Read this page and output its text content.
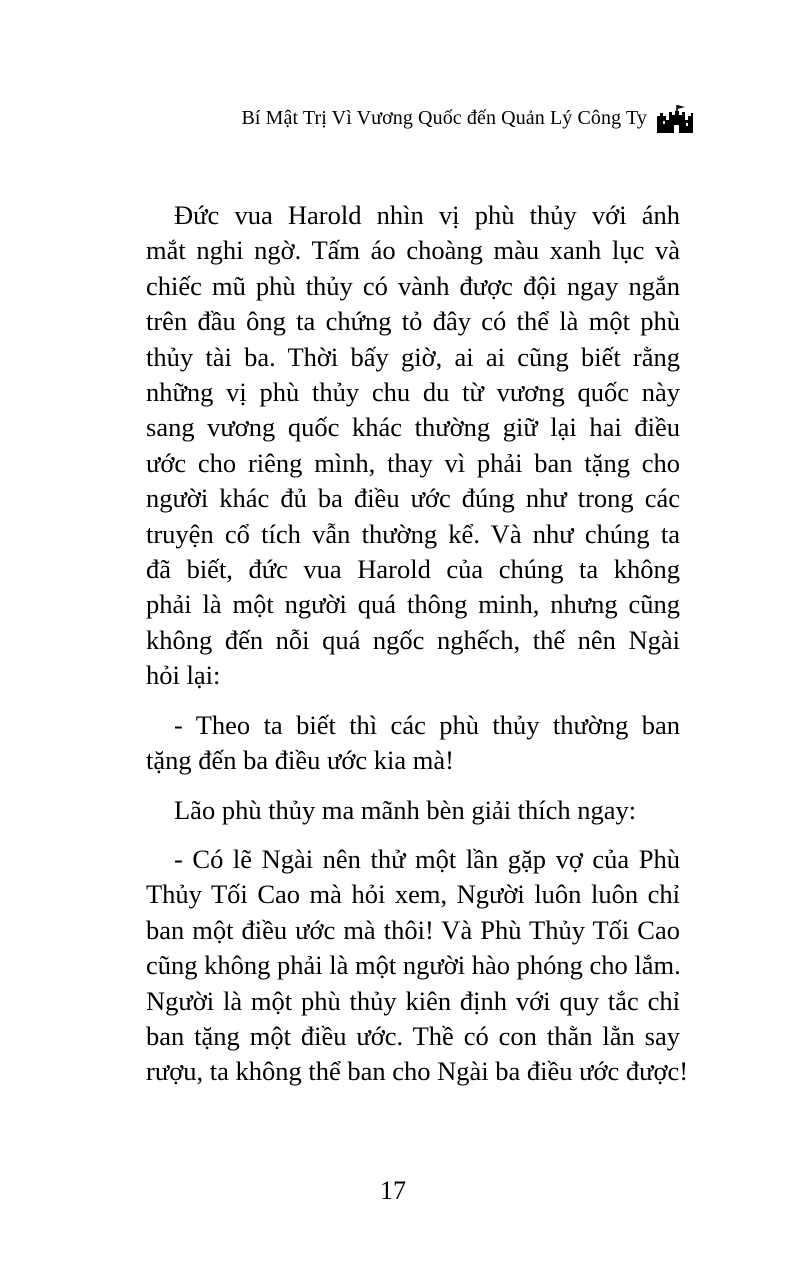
Bí Mật Trị Vì Vương Quốc đến Quản Lý Công Ty

Đức vua Harold nhìn vị phù thủy với ánh
mắt nghi ngờ. Tấm áo choàng màu xanh lục và
chiếc mũ phù thủy có vành được đội ngay ngắn
trên đầu ông ta chứng tỏ đây có thể là một phù
thủy tài ba. Thời bấy giờ, ai ai cũng biết rằng
những vị phù thủy chu du từ vương quốc này
sang vương quốc khác thường giữ lại hai điều
ước cho riêng mình, thay vì phải ban tặng cho
người khác đủ ba điều ước đúng như trong các
truyện cổ tích vẫn thường kể. Và như chúng ta
đã biết, đức vua Harold của chúng ta không
phải là một người quá thông minh, nhưng cũng
không đến nỗi quá ngốc nghếch, thế nên Ngài
hỏi lại:

- Theo ta biết thì các phù thủy thường ban
tặng đến ba điều ước kia mà!

Lão phù thủy ma mãnh bèn giải thích ngay:

- Có lẽ Ngài nên thử một lần gặp vợ của Phù
Thủy Tối Cao mà hỏi xem, Người luôn luôn chỉ
ban một điều ước mà thôi! Và Phù Thủy Tối Cao
cũng không phải là một người hào phóng cho lắm.
Người là một phù thủy kiên định với quy tắc chỉ
ban tặng một điều ước. Thề có con thằn lằn say
rượu, ta không thể ban cho Ngài ba điều ước được!

17
